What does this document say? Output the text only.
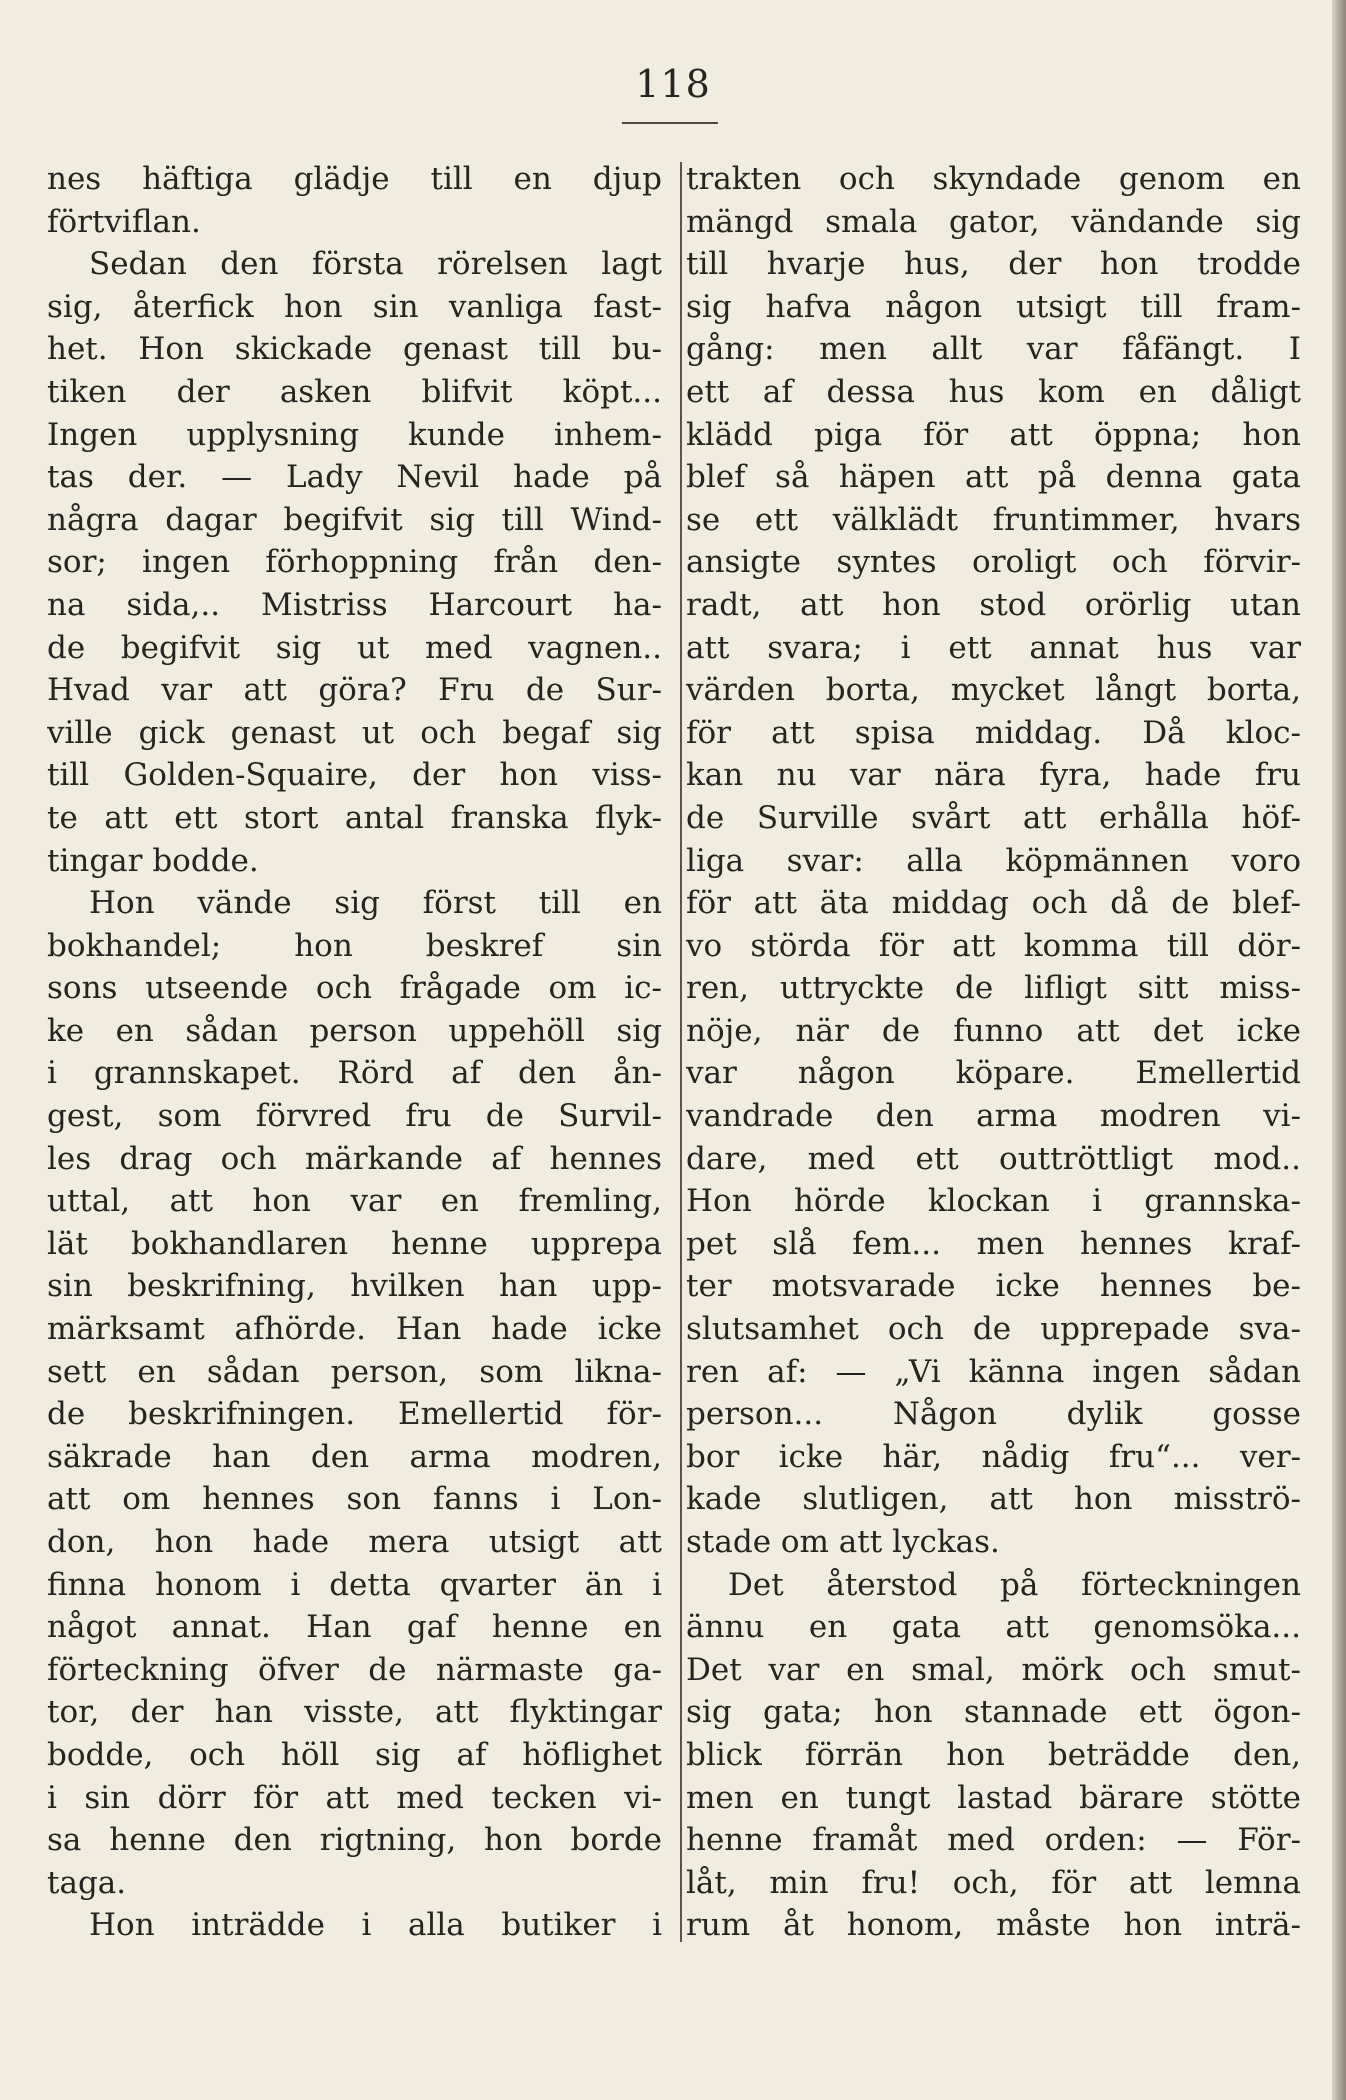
118
nes häftiga glädje till en djup
förtviflan.
Sedan den första rörelsen lagt
sig, återfick hon sin vanliga fast-
het. Hon skickade genast till bu-
tiken der asken blifvit köpt...
Ingen upplysning kunde inhem-
tas der. — Lady Nevil hade på
några dagar begifvit sig till Wind-
sor; ingen förhoppning från den-
na sida,.. Mistriss Harcourt ha-
de begifvit sig ut med vagnen..
Hvad var att göra? Fru de Sur-
ville gick genast ut och begaf sig
till Golden-Squaire, der hon viss-
te att ett stort antal franska flyk-
tingar bodde.
Hon vände sig först till en
bokhandel; hon beskref sin
sons utseende och frågade om ic-
ke en sådan person uppehöll sig
i grannskapet. Rörd af den ån-
gest, som förvred fru de Survil-
les drag och märkande af hennes
uttal, att hon var en fremling,
lät bokhandlaren henne upprepa
sin beskrifning, hvilken han upp-
märksamt afhörde. Han hade icke
sett en sådan person, som likna-
de beskrifningen. Emellertid för-
säkrade han den arma modren,
att om hennes son fanns i Lon-
don, hon hade mera utsigt att
finna honom i detta qvarter än i
något annat. Han gaf henne en
förteckning öfver de närmaste ga-
tor, der han visste, att flyktingar
bodde, och höll sig af höflighet
i sin dörr för att med tecken vi-
sa henne den rigtning, hon borde
taga.
Hon inträdde i alla butiker i
trakten och skyndade genom en
mängd smala gator, vändande sig
till hvarje hus, der hon trodde
sig hafva någon utsigt till fram-
gång: men allt var fåfängt. I
ett af dessa hus kom en dåligt
klädd piga för att öppna; hon
blef så häpen att på denna gata
se ett välklädt fruntimmer, hvars
ansigte syntes oroligt och förvir-
radt, att hon stod orörlig utan
att svara; i ett annat hus var
värden borta, mycket långt borta,
för att spisa middag. Då kloc-
kan nu var nära fyra, hade fru
de Surville svårt att erhålla höf-
liga svar: alla köpmännen voro
för att äta middag och då de blef-
vo störda för att komma till dör-
ren, uttryckte de lifligt sitt miss-
nöje, när de funno att det icke
var någon köpare. Emellertid
vandrade den arma modren vi-
dare, med ett outtröttligt mod..
Hon hörde klockan i grannska-
pet slå fem... men hennes kraf-
ter motsvarade icke hennes be-
slutsamhet och de upprepade sva-
ren af: — „Vi känna ingen sådan
person... Någon dylik gosse
bor icke här, nådig fru“... ver-
kade slutligen, att hon misströ-
stade om att lyckas.
Det återstod på förteckningen
ännu en gata att genomsöka...
Det var en smal, mörk och smut-
sig gata; hon stannade ett ögon-
blick förrän hon beträdde den,
men en tungt lastad bärare stötte
henne framåt med orden: — För-
låt, min fru! och, för att lemna
rum åt honom, måste hon inträ-
